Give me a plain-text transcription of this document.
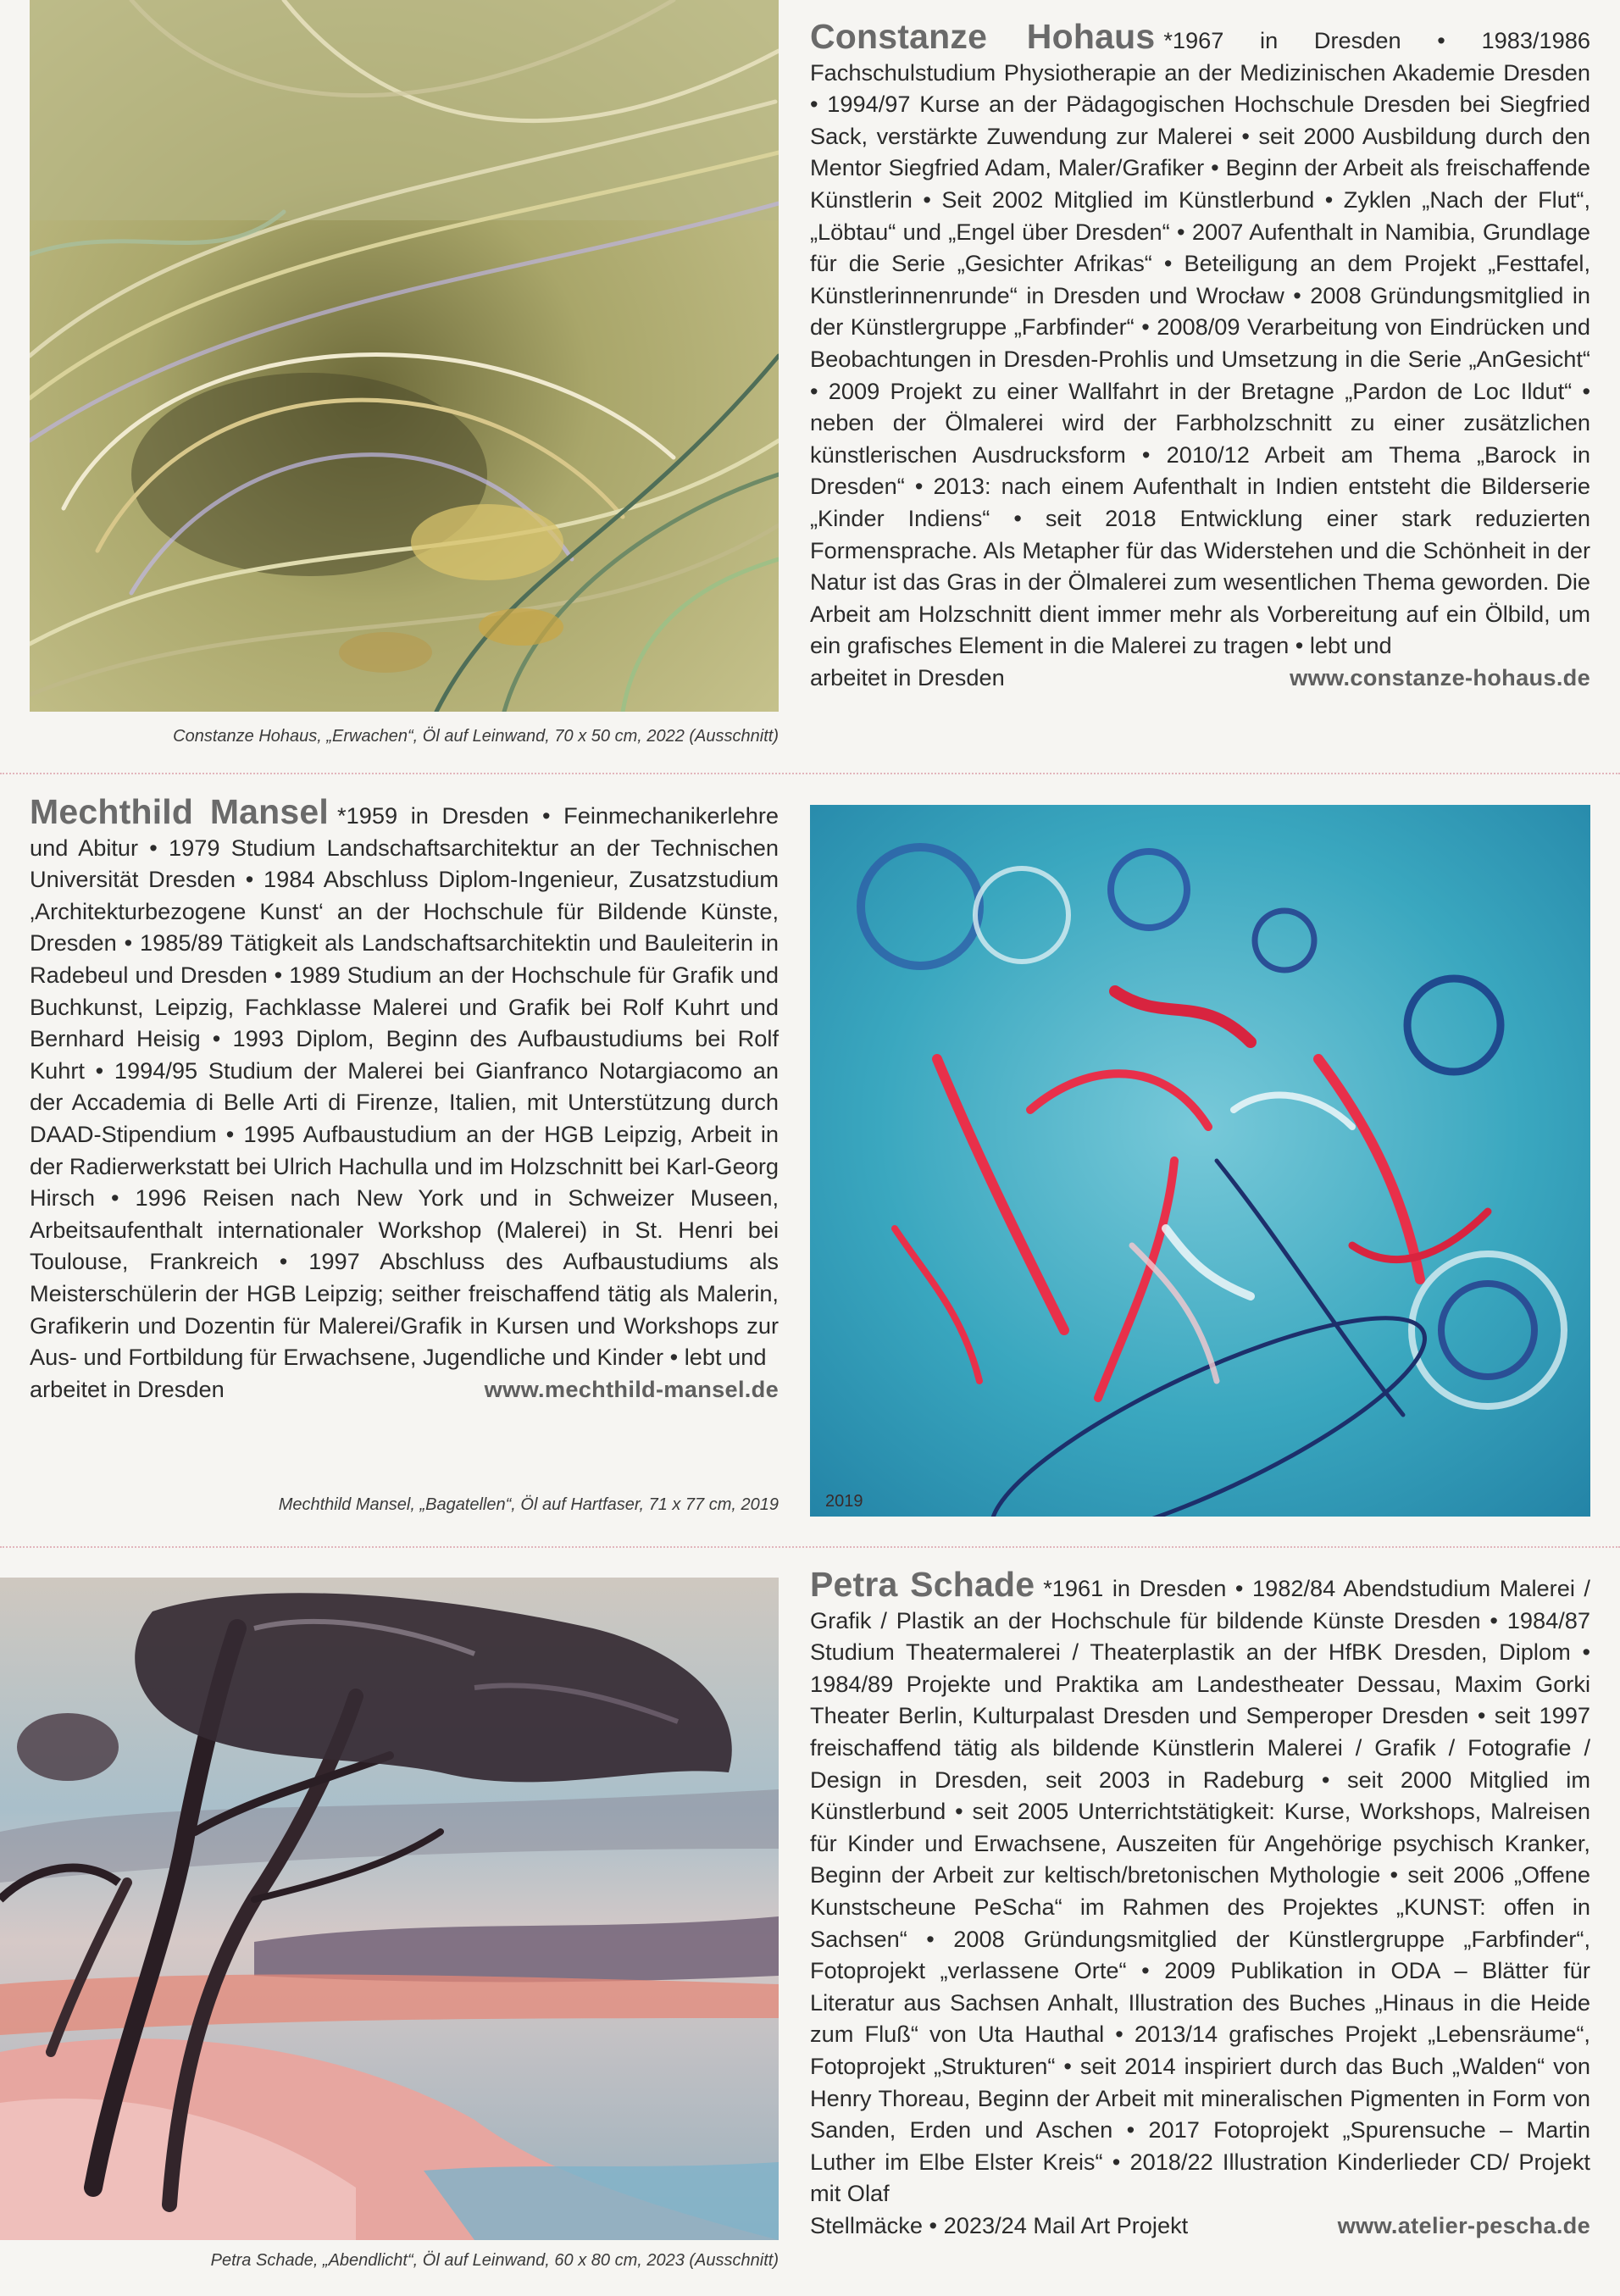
Constanze Hohaus, „Erwachen“, Öl auf Leinwand, 70 x 50 cm, 2022 (Ausschnitt)
Constanze Hohaus *1967 in Dresden • 1983/1986 Fachschulstudium Physiotherapie an der Medizinischen Akademie Dresden • 1994/97 Kurse an der Pädagogischen Hochschule Dresden bei Siegfried Sack, verstärkte Zuwendung zur Malerei • seit 2000 Ausbildung durch den Mentor Siegfried Adam, Maler/Grafiker • Beginn der Arbeit als freischaffende Künstlerin • Seit 2002 Mitglied im Künstlerbund • Zyklen „Nach der Flut“, „Löbtau“ und „Engel über Dresden“ • 2007 Aufenthalt in Namibia, Grundlage für die Serie „Gesichter Afrikas“ • Beteiligung an dem Projekt „Festtafel, Künstlerinnenrunde“ in Dresden und Wrocław • 2008 Gründungsmitglied in der Künstlergruppe „Farbfinder“ • 2008/09 Verarbeitung von Eindrücken und Beobachtungen in Dresden-Prohlis und Umsetzung in die Serie „AnGesicht“ • 2009 Projekt zu einer Wallfahrt in der Bretagne „Pardon de Loc Ildut“ • neben der Ölmalerei wird der Farbholzschnitt zu einer zusätzlichen künstlerischen Ausdrucksform • 2010/12 Arbeit am Thema „Barock in Dresden“ • 2013: nach einem Aufenthalt in Indien entsteht die Bilderserie „Kinder Indiens“ • seit 2018 Entwicklung einer stark reduzierten Formensprache. Als Metapher für das Widerstehen und die Schönheit in der Natur ist das Gras in der Ölmalerei zum wesentlichen Thema geworden. Die Arbeit am Holzschnitt dient immer mehr als Vorbereitung auf ein Ölbild, um ein grafisches Element in die Malerei zu tragen • lebt und
arbeitet in Dresden	www.constanze-hohaus.de
Mechthild Mansel *1959 in Dresden • Feinmechanikerlehre und Abitur • 1979 Studium Landschaftsarchitektur an der Technischen Universität Dresden • 1984 Abschluss Diplom-Ingenieur, Zusatzstudium ‚Architekturbezogene Kunst‘ an der Hochschule für Bildende Künste, Dresden • 1985/89 Tätigkeit als Landschaftsarchitektin und Bauleiterin in Radebeul und Dresden • 1989 Studium an der Hochschule für Grafik und Buchkunst, Leipzig, Fachklasse Malerei und Grafik bei Rolf Kuhrt und Bernhard Heisig • 1993 Diplom, Beginn des Aufbaustudiums bei Rolf Kuhrt • 1994/95 Studium der Malerei bei Gianfranco Notargiacomo an der Accademia di Belle Arti di Firenze, Italien, mit Unterstützung durch DAAD-Stipendium • 1995 Aufbaustudium an der HGB Leipzig, Arbeit in der Radierwerkstatt bei Ulrich Hachulla und im Holzschnitt bei Karl-Georg Hirsch • 1996 Reisen nach New York und in Schweizer Museen, Arbeitsaufenthalt internationaler Workshop (Malerei) in St. Henri bei Toulouse, Frankreich • 1997 Abschluss des Aufbaustudiums als Meisterschülerin der HGB Leipzig; seither freischaffend tätig als Malerin, Grafikerin und Dozentin für Malerei/Grafik in Kursen und Workshops zur Aus- und Fortbildung für Erwachsene, Jugendliche und Kinder • lebt und
arbeitet in Dresden	www.mechthild-mansel.de
Mechthild Mansel, „Bagatellen“, Öl auf Hartfaser, 71 x 77 cm, 2019	2019
Petra Schade, „Abendlicht“, Öl auf Leinwand, 60 x 80 cm, 2023 (Ausschnitt)
Petra Schade *1961 in Dresden • 1982/84 Abendstudium Malerei / Grafik / Plastik an der Hochschule für bildende Künste Dresden • 1984/87 Studium Theatermalerei / Theaterplastik an der HfBK Dresden, Diplom • 1984/89 Projekte und Praktika am Landestheater Dessau, Maxim Gorki Theater Berlin, Kulturpalast Dresden und Semperoper Dresden • seit 1997 freischaffend tätig als bildende Künstlerin Malerei / Grafik / Fotografie / Design in Dresden, seit 2003 in Radeburg • seit 2000 Mitglied im Künstlerbund • seit 2005 Unterrichtstätigkeit: Kurse, Workshops, Malreisen für Kinder und Erwachsene, Auszeiten für Angehörige psychisch Kranker, Beginn der Arbeit zur keltisch/bretonischen Mythologie • seit 2006 „Offene Kunstscheune PeScha“ im Rahmen des Projektes „KUNST: offen in Sachsen“ • 2008 Gründungsmitglied der Künstlergruppe „Farbfinder“, Fotoprojekt „verlassene Orte“ • 2009 Publikation in ODA – Blätter für Literatur aus Sachsen Anhalt, Illustration des Buches „Hinaus in die Heide zum Fluß“ von Uta Hauthal • 2013/14 grafisches Projekt „Lebensräume“, Fotoprojekt „Strukturen“ • seit 2014 inspiriert durch das Buch „Walden“ von Henry Thoreau, Beginn der Arbeit mit mineralischen Pigmenten in Form von Sanden, Erden und Aschen • 2017 Fotoprojekt „Spurensuche – Martin Luther im Elbe Elster Kreis“ • 2018/22 Illustration Kinderlieder CD/ Projekt mit Olaf
Stellmäcke • 2023/24 Mail Art Projekt	www.atelier-pescha.de
